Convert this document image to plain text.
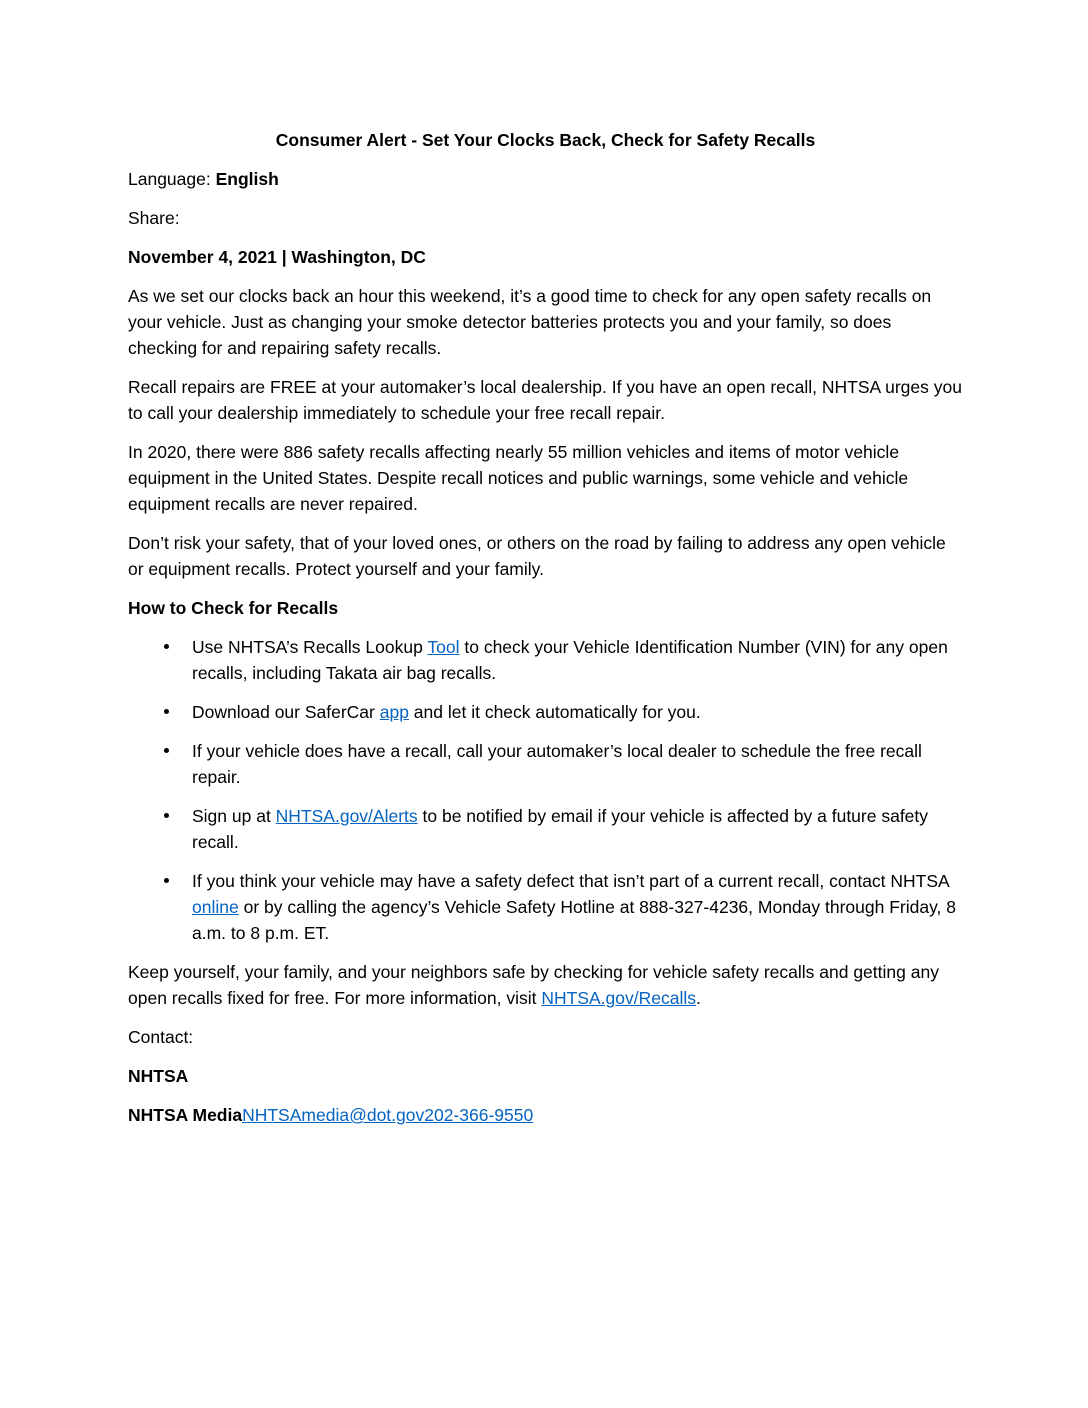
Consumer Alert - Set Your Clocks Back, Check for Safety Recalls

Language: English

Share:

November 4, 2021 | Washington, DC

As we set our clocks back an hour this weekend, it’s a good time to check for any open safety recalls on your vehicle. Just as changing your smoke detector batteries protects you and your family, so does checking for and repairing safety recalls.

Recall repairs are FREE at your automaker’s local dealership. If you have an open recall, NHTSA urges you to call your dealership immediately to schedule your free recall repair.

In 2020, there were 886 safety recalls affecting nearly 55 million vehicles and items of motor vehicle equipment in the United States. Despite recall notices and public warnings, some vehicle and vehicle equipment recalls are never repaired.

Don’t risk your safety, that of your loved ones, or others on the road by failing to address any open vehicle or equipment recalls. Protect yourself and your family.

How to Check for Recalls

Use NHTSA’s Recalls Lookup Tool to check your Vehicle Identification Number (VIN) for any open recalls, including Takata air bag recalls.
Download our SaferCar app and let it check automatically for you.
If your vehicle does have a recall, call your automaker’s local dealer to schedule the free recall repair.
Sign up at NHTSA.gov/Alerts to be notified by email if your vehicle is affected by a future safety recall.
If you think your vehicle may have a safety defect that isn’t part of a current recall, contact NHTSA online or by calling the agency’s Vehicle Safety Hotline at 888-327-4236, Monday through Friday, 8 a.m. to 8 p.m. ET.

Keep yourself, your family, and your neighbors safe by checking for vehicle safety recalls and getting any open recalls fixed for free. For more information, visit NHTSA.gov/Recalls.

Contact:

NHTSA

NHTSA MediaNHTSAmedia@dot.gov202-366-9550
